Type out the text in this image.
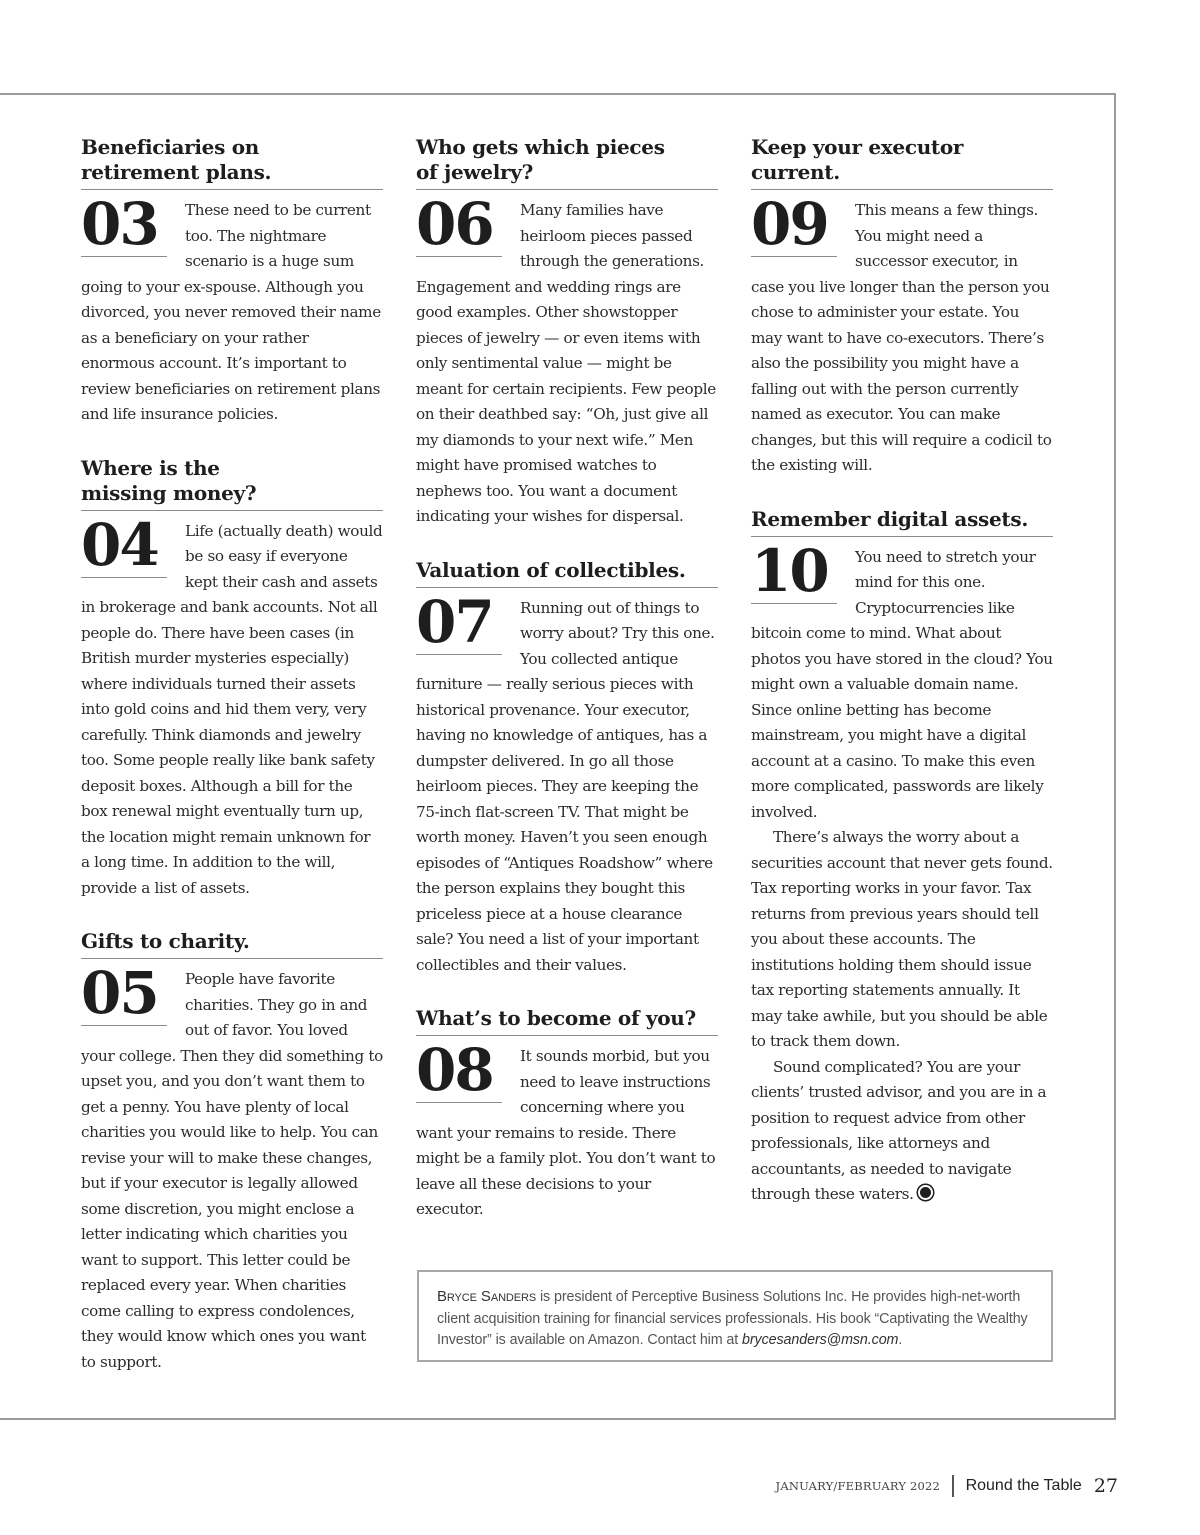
Beneficiaries on
retirement plans.
03	These need to be current too. The nightmare scenario is a huge sum going to your ex-spouse. Although you divorced, you never removed their name as a beneficiary on your rather enormous account. It’s important to review beneficiaries on retirement plans and life insurance policies.

Where is the
missing money?
04	Life (actually death) would be so easy if everyone kept their cash and assets in brokerage and bank accounts. Not all people do. There have been cases (in British murder mysteries especially) where individuals turned their assets into gold coins and hid them very, very carefully. Think diamonds and jewelry too. Some people really like bank safety deposit boxes. Although a bill for the box renewal might eventually turn up, the location might remain unknown for a long time. In addition to the will, provide a list of assets.

Gifts to charity.
05	People have favorite charities. They go in and out of favor. You loved your college. Then they did something to upset you, and you don’t want them to get a penny. You have plenty of local charities you would like to help. You can revise your will to make these changes, but if your executor is legally allowed some discretion, you might enclose a letter indicating which charities you want to support. This letter could be replaced every year. When charities come calling to express condolences, they would know which ones you want to support.

Who gets which pieces
of jewelry?
06	Many families have heirloom pieces passed through the generations. Engagement and wedding rings are good examples. Other showstopper pieces of jewelry — or even items with only sentimental value — might be meant for certain recipients. Few people on their deathbed say: “Oh, just give all my diamonds to your next wife.” Men might have promised watches to nephews too. You want a document indicating your wishes for dispersal.

Valuation of collectibles.
07	Running out of things to worry about? Try this one. You collected antique furniture — really serious pieces with historical provenance. Your executor, having no knowledge of antiques, has a dumpster delivered. In go all those heirloom pieces. They are keeping the 75-inch flat-screen TV. That might be worth money. Haven’t you seen enough episodes of “Antiques Roadshow” where the person explains they bought this priceless piece at a house clearance sale? You need a list of your important collectibles and their values.

What’s to become of you?
08	It sounds morbid, but you need to leave instructions concerning where you want your remains to reside. There might be a family plot. You don’t want to leave all these decisions to your executor.

Keep your executor
current.
09	This means a few things. You might need a successor executor, in case you live longer than the person you chose to administer your estate. You may want to have co-executors. There’s also the possibility you might have a falling out with the person currently named as executor. You can make changes, but this will require a codicil to the existing will.

Remember digital assets.
10	You need to stretch your mind for this one. Cryptocurrencies like bitcoin come to mind. What about photos you have stored in the cloud? You might own a valuable domain name. Since online betting has become mainstream, you might have a digital account at a casino. To make this even more complicated, passwords are likely involved.

There’s always the worry about a securities account that never gets found. Tax reporting works in your favor. Tax returns from previous years should tell you about these accounts. The institutions holding them should issue tax reporting statements annually. It may take awhile, but you should be able to track them down.

Sound complicated? You are your clients’ trusted advisor, and you are in a position to request advice from other professionals, like attorneys and accountants, as needed to navigate through these waters.

Bryce Sanders is president of Perceptive Business Solutions Inc. He provides high-net-worth client acquisition training for financial services professionals. His book “Captivating the Wealthy Investor” is available on Amazon. Contact him at brycesanders@msn.com.
JANUARY/FEBRUARY 2022 Round the Table 27
